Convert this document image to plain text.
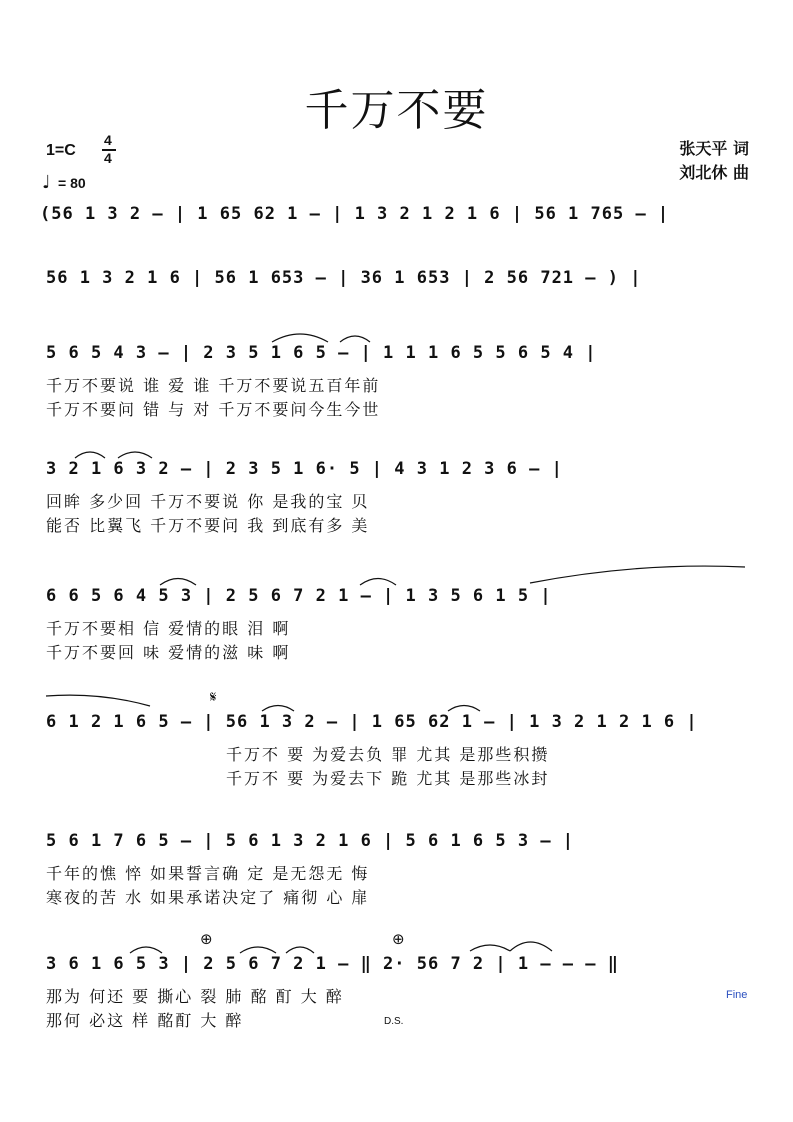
千万不要
1=C
4
4
♩ = 80
张天平 词
刘北休 曲
(56 1 3 2 – | 1 65 62 1 – | 1 3 2 1 2 1 6 | 56 1 765 – |
56 1 3 2 1 6 | 56 1 653 – | 36 1 653 | 2 56 721 – ) |
5 6 5 4 3 – | 2 3 5 1 6 5 – | 1 1 1 6 5 5 6 5 4 |
千万不要说 谁 爱 谁 千万不要说五百年前
千万不要问 错 与 对 千万不要问今生今世
3 2 1 6 3 2 – | 2 3 5 1 6· 5 | 4 3 1 2 3 6 – |
回眸 多少回 千万不要说 你 是我的宝 贝
能否 比翼飞 千万不要问 我 到底有多 美
6 6 5 6 4 5 3 | 2 5 6 7 2 1 – | 1 3 5 6 1 5 |
千万不要相 信 爱情的眼 泪 啊
千万不要回 味 爱情的滋 味 啊
𝄋
6 1 2 1 6 5 – | 56 1 3 2 – | 1 65 62 1 – | 1 3 2 1 2 1 6 |
千万不 要 为爱去负 罪 尤其 是那些积攒
千万不 要 为爱去下 跪 尤其 是那些冰封
5 6 1 7 6 5 – | 5 6 1 3 2 1 6 | 5 6 1 6 5 3 – |
千年的憔 悴 如果誓言确 定 是无怨无 悔
寒夜的苦 水 如果承诺决定了 痛彻 心 扉
⊕	⊕
3 6 1 6 5 3 | 2 5 6 7 2 1 – ‖ 2· 56 7 2 | 1 – – – ‖
那为 何还 要 撕心 裂 肺 酩 酊 大 醉
那何 必这 样 酩酊 大 醉	D.S.
Fine
